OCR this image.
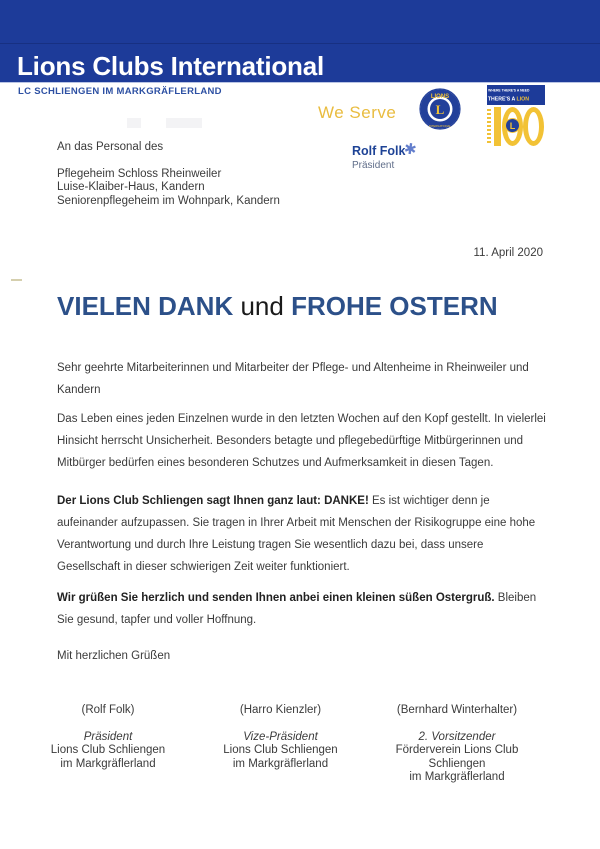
Lions Clubs International
LC SCHLIENGEN IM MARKGRÄFLERLAND
We Serve	L
LIONS
INTERNATIONAL
✱
WHERE THERE'S A NEED
THERE'S A LION
L
Rolf Folk
Präsident
An das Personal des
Pflegeheim Schloss Rheinweiler
Luise-Klaiber-Haus, Kandern
Seniorenpflegeheim im Wohnpark, Kandern
11. April 2020
VIELEN DANK und FROHE OSTERN
Sehr geehrte Mitarbeiterinnen und Mitarbeiter der Pflege- und Altenheime in Rheinweiler und Kandern
Das Leben eines jeden Einzelnen wurde in den letzten Wochen auf den Kopf gestellt. In vielerlei Hinsicht herrscht Unsicherheit. Besonders betagte und pflegebedürftige Mitbürgerinnen und Mitbürger bedürfen eines besonderen Schutzes und Aufmerksamkeit in diesen Tagen.
Der Lions Club Schliengen sagt Ihnen ganz laut: DANKE! Es ist wichtiger denn je aufeinander aufzupassen. Sie tragen in Ihrer Arbeit mit Menschen der Risikogruppe eine hohe Verantwortung und durch Ihre Leistung tragen Sie wesentlich dazu bei, dass unsere Gesellschaft in dieser schwierigen Zeit weiter funktioniert.
Wir grüßen Sie herzlich und senden Ihnen anbei einen kleinen süßen Ostergruß. Bleiben Sie gesund, tapfer und voller Hoffnung.
Mit herzlichen Grüßen
(Rolf Folk)
Präsident
Lions Club Schliengen
im Markgräflerland
(Harro Kienzler)
Vize-Präsident
Lions Club Schliengen
im Markgräflerland
(Bernhard Winterhalter)
2. Vorsitzender
Förderverein Lions Club
Schliengen
im Markgräflerland
